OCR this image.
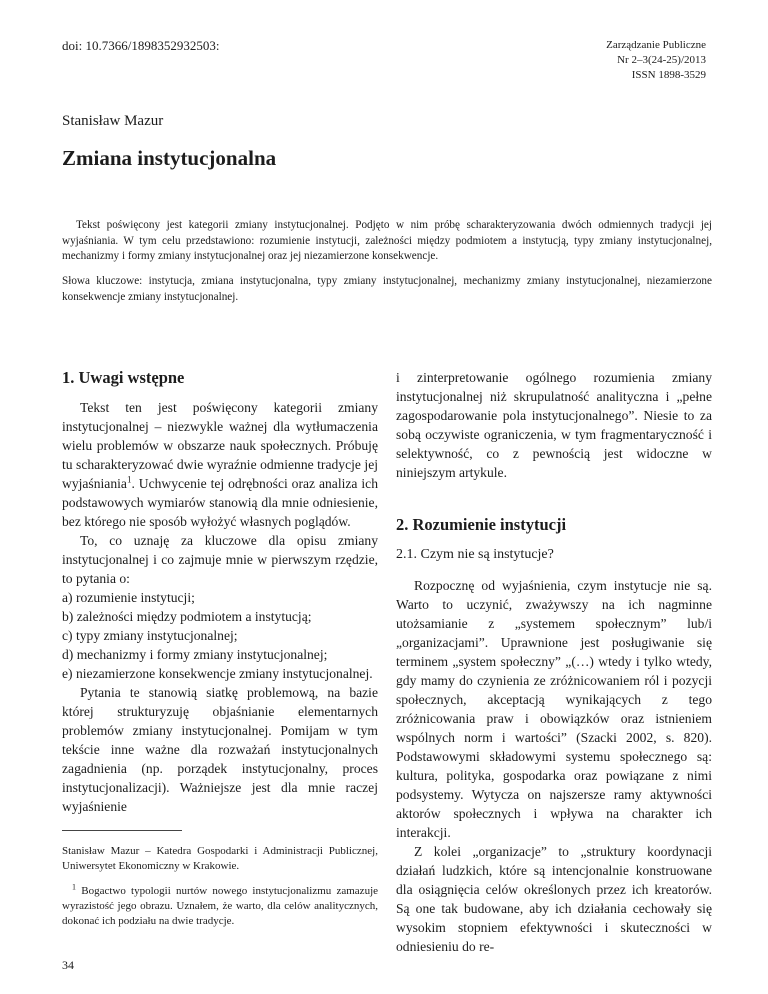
doi: 10.7366/1898352932503:	Zarządzanie Publiczne
Nr 2–3(24-25)/2013
ISSN 1898-3529
Stanisław Mazur
Zmiana instytucjonalna

Tekst poświęcony jest kategorii zmiany instytucjonalnej. Podjęto w nim próbę scharakteryzowania dwóch odmiennych tradycji jej wyjaśniania. W tym celu przedstawiono: rozumienie instytucji, zależności między podmiotem a instytucją, typy zmiany instytucjonalnej, mechanizmy i formy zmiany instytucjonalnej oraz jej niezamierzone konsekwencje.

Słowa kluczowe: instytucja, zmiana instytucjonalna, typy zmiany instytucjonalnej, mechanizmy zmiany instytucjonalnej, niezamierzone konsekwencje zmiany instytucjonalnej.

1. Uwagi wstępne

Tekst ten jest poświęcony kategorii zmiany instytucjonalnej – niezwykle ważnej dla wytłumaczenia wielu problemów w obszarze nauk społecznych. Próbuję tu scharakteryzować dwie wyraźnie odmienne tradycje jej wyjaśniania$^1$. Uchwycenie tej odrębności oraz analiza ich podstawowych wymiarów stanowią dla mnie odniesienie, bez którego nie sposób wyłożyć własnych poglądów.

To, co uznaję za kluczowe dla opisu zmiany instytucjonalnej i co zajmuje mnie w pierwszym rzędzie, to pytania o:

a) rozumienie instytucji;
b) zależności między podmiotem a instytucją;
c) typy zmiany instytucjonalnej;
d) mechanizmy i formy zmiany instytucjonalnej;
e) niezamierzone konsekwencje zmiany instytucjonalnej.

Pytania te stanowią siatkę problemową, na bazie której strukturyzuję objaśnianie elementarnych problemów zmiany instytucjonalnej. Pomijam w tym tekście inne ważne dla rozważań instytucjonalnych zagadnienia (np. porządek instytucjonalny, proces instytucjonalizacji). Ważniejsze jest dla mnie raczej wyjaśnienie

i zinterpretowanie ogólnego rozumienia zmiany instytucjonalnej niż skrupulatność analityczna i „pełne zagospodarowanie pola instytucjonalnego”. Niesie to za sobą oczywiste ograniczenia, w tym fragmentaryczność i selektywność, co z pewnością jest widoczne w niniejszym artykule.

2. Rozumienie instytucji
2.1. Czym nie są instytucje?

Rozpocznę od wyjaśnienia, czym instytucje nie są. Warto to uczynić, zważywszy na ich nagminne utożsamianie z „systemem społecznym” lub/i „organizacjami”. Uprawnione jest posługiwanie się terminem „system społeczny” „(…) wtedy i tylko wtedy, gdy mamy do czynienia ze zróżnicowaniem ról i pozycji społecznych, akceptacją wynikających z tego zróżnicowania praw i obowiązków oraz istnieniem wspólnych norm i wartości” (Szacki 2002, s. 820). Podstawowymi składowymi systemu społecznego są: kultura, polityka, gospodarka oraz powiązane z nimi podsystemy. Wytycza on najszersze ramy aktywności aktorów społecznych i wpływa na charakter ich interakcji.

Z kolei „organizacje” to „struktury koordynacji działań ludzkich, które są intencjonalnie konstruowane dla osiągnięcia celów określonych przez ich kreatorów. Są one tak budowane, aby ich działania cechowały się wysokim stopniem efektywności i skuteczności w odniesieniu do re-

Stanisław Mazur – Katedra Gospodarki i Administracji Publicznej, Uniwersytet Ekonomiczny w Krakowie.

$^1$ Bogactwo typologii nurtów nowego instytucjonalizmu zamazuje wyrazistość jego obrazu. Uznałem, że warto, dla celów analitycznych, dokonać ich podziału na dwie tradycje.

34
